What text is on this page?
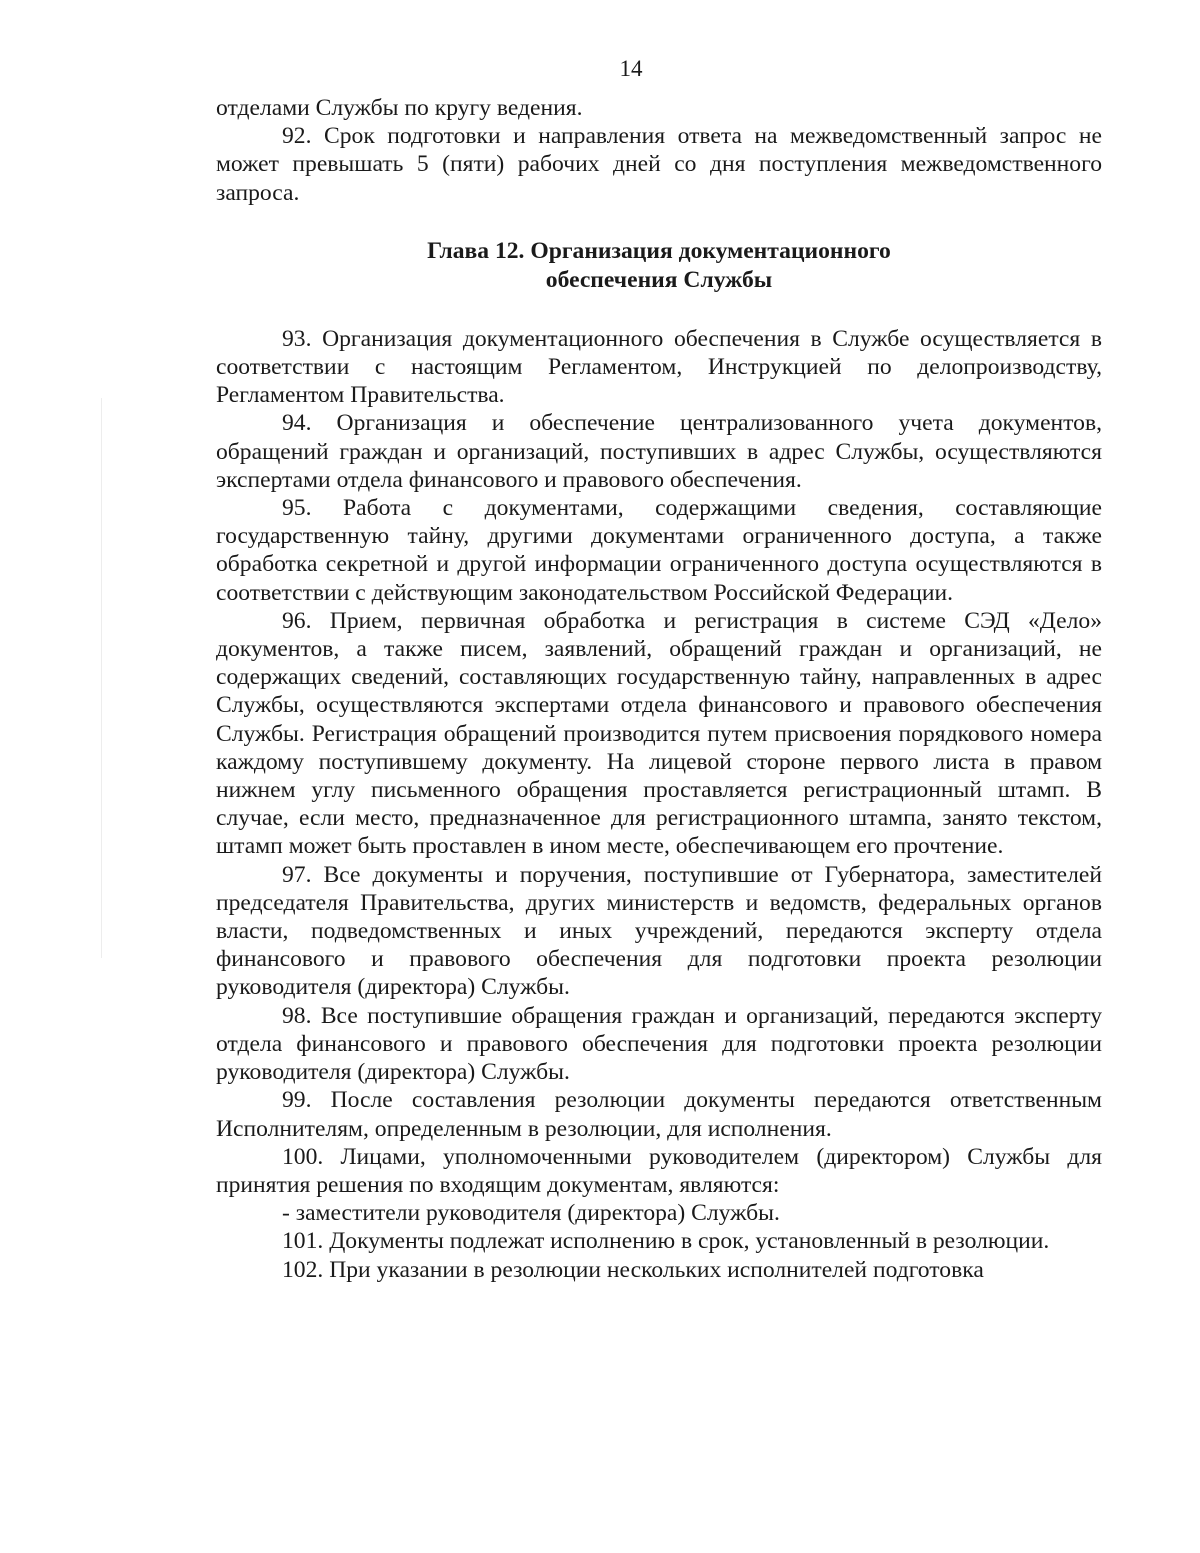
14

отделами Службы по кругу ведения.

92. Срок подготовки и направления ответа на межведомственный запрос не может превышать 5 (пяти) рабочих дней со дня поступления межведомственного запроса.

Глава 12. Организация документационного
обеспечения Службы

93. Организация документационного обеспечения в Службе осуществляется в соответствии с настоящим Регламентом, Инструкцией по делопроизводству, Регламентом Правительства.

94. Организация и обеспечение централизованного учета документов, обращений граждан и организаций, поступивших в адрес Службы, осуществляются экспертами отдела финансового и правового обеспечения.

95. Работа с документами, содержащими сведения, составляющие государственную тайну, другими документами ограниченного доступа, а также обработка секретной и другой информации ограниченного доступа осуществляются в соответствии с действующим законодательством Российской Федерации.

96. Прием, первичная обработка и регистрация в системе СЭД «Дело» документов, а также писем, заявлений, обращений граждан и организаций, не содержащих сведений, составляющих государственную тайну, направленных в адрес Службы, осуществляются экспертами отдела финансового и правового обеспечения Службы. Регистрация обращений производится путем присвоения порядкового номера каждому поступившему документу. На лицевой стороне первого листа в правом нижнем углу письменного обращения проставляется регистрационный штамп. В случае, если место, предназначенное для регистрационного штампа, занято текстом, штамп может быть проставлен в ином месте, обеспечивающем его прочтение.

97. Все документы и поручения, поступившие от Губернатора, заместителей председателя Правительства, других министерств и ведомств, федеральных органов власти, подведомственных и иных учреждений, передаются эксперту отдела финансового и правового обеспечения для подготовки проекта резолюции руководителя (директора) Службы.

98. Все поступившие обращения граждан и организаций, передаются эксперту отдела финансового и правового обеспечения для подготовки проекта резолюции руководителя (директора) Службы.

99. После составления резолюции документы передаются ответственным Исполнителям, определенным в резолюции, для исполнения.

100. Лицами, уполномоченными руководителем (директором) Службы для принятия решения по входящим документам, являются:

- заместители руководителя (директора) Службы.

101. Документы подлежат исполнению в срок, установленный в резолюции.

102. При указании в резолюции нескольких исполнителей подготовка
